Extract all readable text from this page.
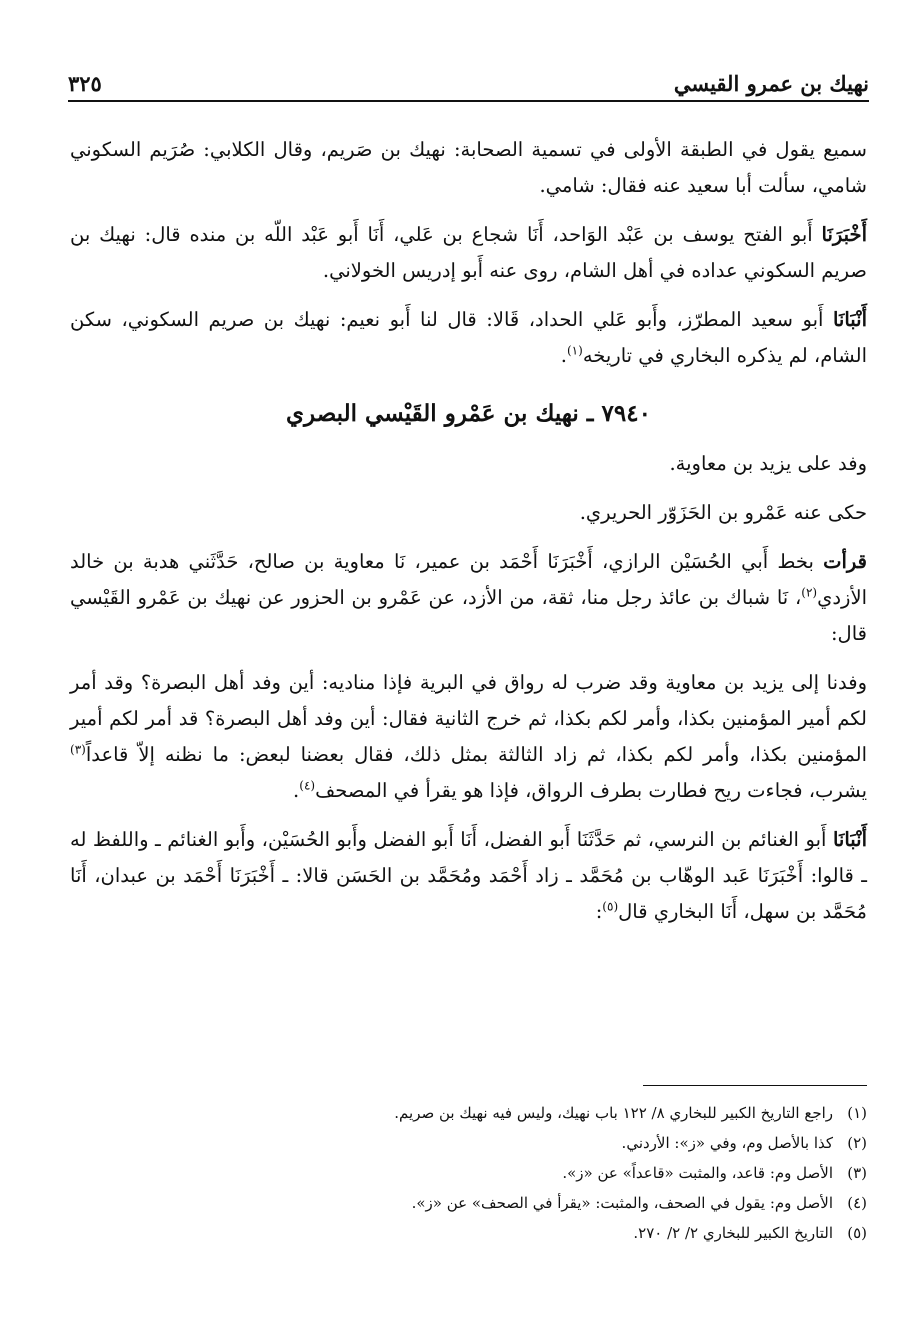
نهيك بن عمرو القيسي
٣٢٥

سميع يقول في الطبقة الأولى في تسمية الصحابة: نهيك بن صَريم، وقال الكلابي: صُرَيم السكوني شامي، سألت أبا سعيد عنه فقال: شامي.

أَخْبَرَنَا أَبو الفتح يوسف بن عَبْد الوَاحد، أَنَا شجاع بن عَلي، أَنَا أَبو عَبْد اللّه بن منده قال: نهيك بن صريم السكوني عداده في أهل الشام، روى عنه أَبو إدريس الخولاني.

أَنْبَانَا أَبو سعيد المطرّز، وأَبو عَلي الحداد، قَالا: قال لنا أَبو نعيم: نهيك بن صريم السكوني، سكن الشام، لم يذكره البخاري في تاريخه$^{(١)}$.

٧٩٤٠ ـ نهيك بن عَمْرو القَيْسي البصري

وفد على يزيد بن معاوية.

حكى عنه عَمْرو بن الحَزَوّر الحريري.

قرأت بخط أَبي الحُسَيْن الرازي، أَخْبَرَنَا أَحْمَد بن عمير، نَا معاوية بن صالح، حَدَّثَني هدبة بن خالد الأزدي$^{(٢)}$، نَا شباك بن عائذ رجل منا، ثقة، من الأزد، عن عَمْرو بن الحزور عن نهيك بن عَمْرو القَيْسي قال:

وفدنا إلى يزيد بن معاوية وقد ضرب له رواق في البرية فإذا مناديه: أين وفد أهل البصرة؟ وقد أمر لكم أمير المؤمنين بكذا، وأمر لكم بكذا، ثم خرج الثانية فقال: أين وفد أهل البصرة؟ قد أمر لكم أمير المؤمنين بكذا، وأمر لكم بكذا، ثم زاد الثالثة بمثل ذلك، فقال بعضنا لبعض: ما نظنه إلاّ قاعداً$^{(٣)}$ يشرب، فجاءت ريح فطارت بطرف الرواق، فإذا هو يقرأ في المصحف$^{(٤)}$.

أَنْبَانَا أَبو الغنائم بن النرسي، ثم حَدَّثَنَا أَبو الفضل، أَنَا أَبو الفضل وأَبو الحُسَيْن، وأَبو الغنائم ـ واللفظ له ـ قالوا: أَخْبَرَنَا عَبد الوهّاب بن مُحَمَّد ـ زاد أَحْمَد ومُحَمَّد بن الحَسَن قالا: ـ أَخْبَرَنَا أَحْمَد بن عبدان، أَنَا مُحَمَّد بن سهل، أَنَا البخاري قال$^{(٥)}$:

(١)
راجع التاريخ الكبير للبخاري ٨/ ١٢٢ باب نهيك، وليس فيه نهيك بن صريم.
(٢)
كذا بالأصل وم، وفي «ز»: الأردني.
(٣)
الأصل وم: قاعد، والمثبت «قاعداً» عن «ز».
(٤)
الأصل وم: يقول في الصحف، والمثبت: «يقرأ في الصحف» عن «ز».
(٥)
التاريخ الكبير للبخاري ٢/ ٢/ ٢٧٠.
